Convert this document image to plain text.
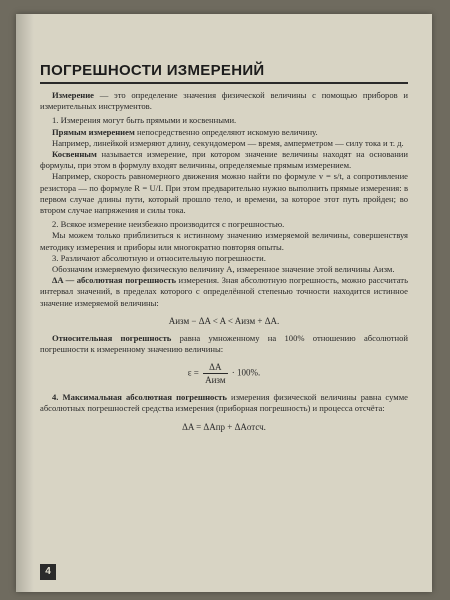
ПОГРЕШНОСТИ ИЗМЕРЕНИЙ

Измерение — это определение значения физической величины с помощью приборов и измерительных инструментов.

1. Измерения могут быть прямыми и косвенными.

Прямым измерением непосредственно определяют искомую величину.

Например, линейкой измеряют длину, секундомером — время, амперметром — силу тока и т. д.

Косвенным называется измерение, при котором значение величины находят на основании формулы, при этом в формулу входят величины, определяемые прямым измерением.

Например, скорость равномерного движения можно найти по формуле v = s/t, а сопротивление резистора — по формуле R = U/I. При этом предварительно нужно выполнить прямые измерения: в первом случае длины пути, который прошло тело, и времени, за которое этот путь пройден; во втором случае напряжения и силы тока.

2. Всякое измерение неизбежно производится с погрешностью.

Мы можем только приблизиться к истинному значению измеряемой величины, совершенствуя методику измерения и приборы или многократно повторяя опыты.

3. Различают абсолютную и относительную погрешности.

Обозначим измеряемую физическую величину A, измеренное значение этой величины Aизм.

ΔA — абсолютная погрешность измерения. Зная абсолютную погрешность, можно рассчитать интервал значений, в пределах которого с определённой степенью точности находится истинное значение измеряемой величины:

Aизм − ΔA < A < Aизм + ΔA.

Относительная погрешность равна умноженному на 100% отношению абсолютной погрешности к измеренному значению величины:

$\varepsilon = \frac{\Delta A}{\text{Aизм}} \cdot 100\%$.

4. Максимальная абсолютная погрешность измерения физической величины равна сумме абсолютных погрешностей средства измерения (приборная погрешность) и процесса отсчёта:

ΔA = ΔAпр + ΔAотсч.
4
